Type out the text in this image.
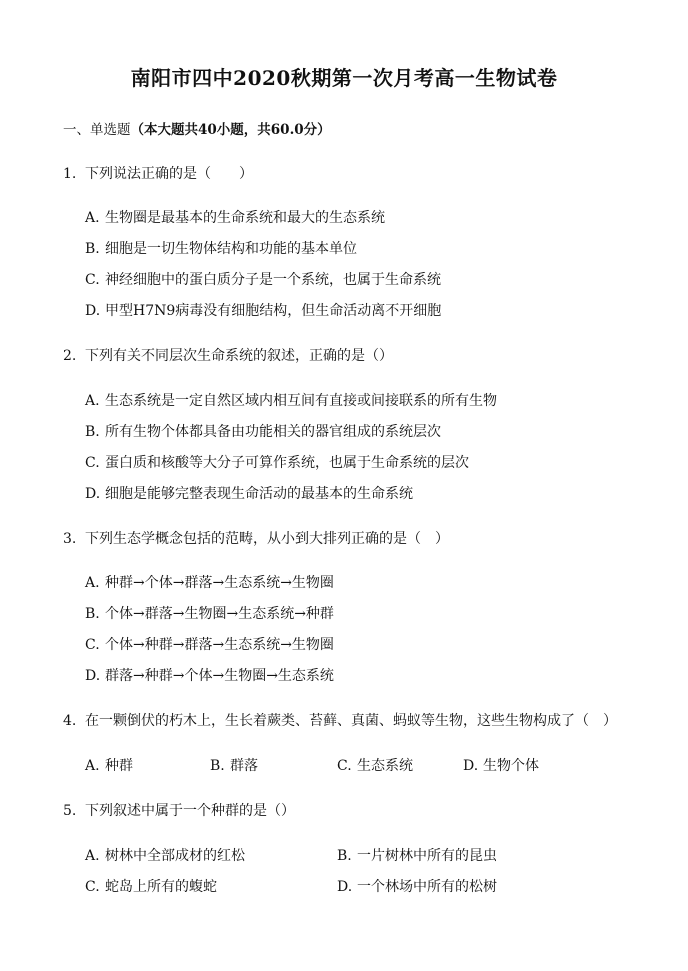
南阳市四中2020秋期第一次月考高一生物试卷
一、单选题（本大题共40小题，共60.0分）
1. 下列说法正确的是（　　）
A. 生物圈是最基本的生命系统和最大的生态系统
B. 细胞是一切生物体结构和功能的基本单位
C. 神经细胞中的蛋白质分子是一个系统，也属于生命系统
D. 甲型H7N9病毒没有细胞结构，但生命活动离不开细胞
2. 下列有关不同层次生命系统的叙述，正确的是（）
A. 生态系统是一定自然区域内相互间有直接或间接联系的所有生物
B. 所有生物个体都具备由功能相关的器官组成的系统层次
C. 蛋白质和核酸等大分子可算作系统，也属于生命系统的层次
D. 细胞是能够完整表现生命活动的最基本的生命系统
3. 下列生态学概念包括的范畴，从小到大排列正确的是（　）
A. 种群→个体→群落→生态系统→生物圈
B. 个体→群落→生物圈→生态系统→种群
C. 个体→种群→群落→生态系统→生物圈
D. 群落→种群→个体→生物圈→生态系统
4. 在一颗倒伏的朽木上，生长着蕨类、苔藓、真菌、蚂蚁等生物，这些生物构成了（　）
A. 种群	B. 群落	C. 生态系统	D. 生物个体
5. 下列叙述中属于一个种群的是（）
A. 树林中全部成材的红松	B. 一片树林中所有的昆虫
C. 蛇岛上所有的蝮蛇	D. 一个林场中所有的松树
